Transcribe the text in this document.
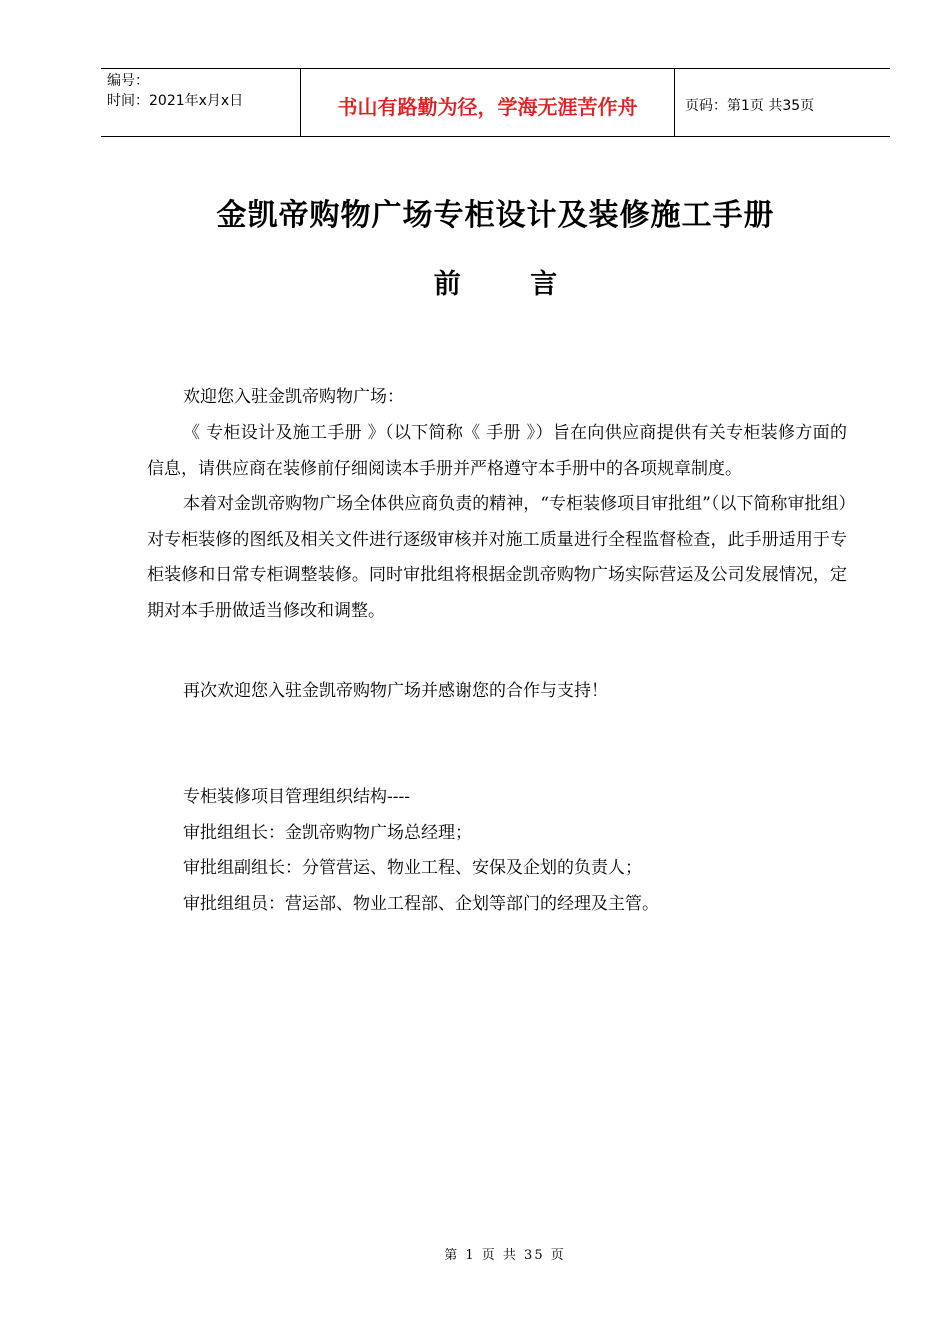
编号：
时间：2021年x月x日	书山有路勤为径，学海无涯苦作舟	页码：第1页 共35页
金凯帝购物广场专柜设计及装修施工手册
前 言

欢迎您入驻金凯帝购物广场：

《 专柜设计及施工手册 》（以下简称《 手册 》）旨在向供应商提供有关专柜装修方面的信息，请供应商在装修前仔细阅读本手册并严格遵守本手册中的各项规章制度。

本着对金凯帝购物广场全体供应商负责的精神，“专柜装修项目审批组”（以下简称审批组）对专柜装修的图纸及相关文件进行逐级审核并对施工质量进行全程监督检查，此手册适用于专柜装修和日常专柜调整装修。同时审批组将根据金凯帝购物广场实际营运及公司发展情况，定期对本手册做适当修改和调整。

再次欢迎您入驻金凯帝购物广场并感谢您的合作与支持！

专柜装修项目管理组织结构----

审批组组长：金凯帝购物广场总经理；

审批组副组长：分管营运、物业工程、安保及企划的负责人；

审批组组员：营运部、物业工程部、企划等部门的经理及主管。

第 1 页 共 35 页
